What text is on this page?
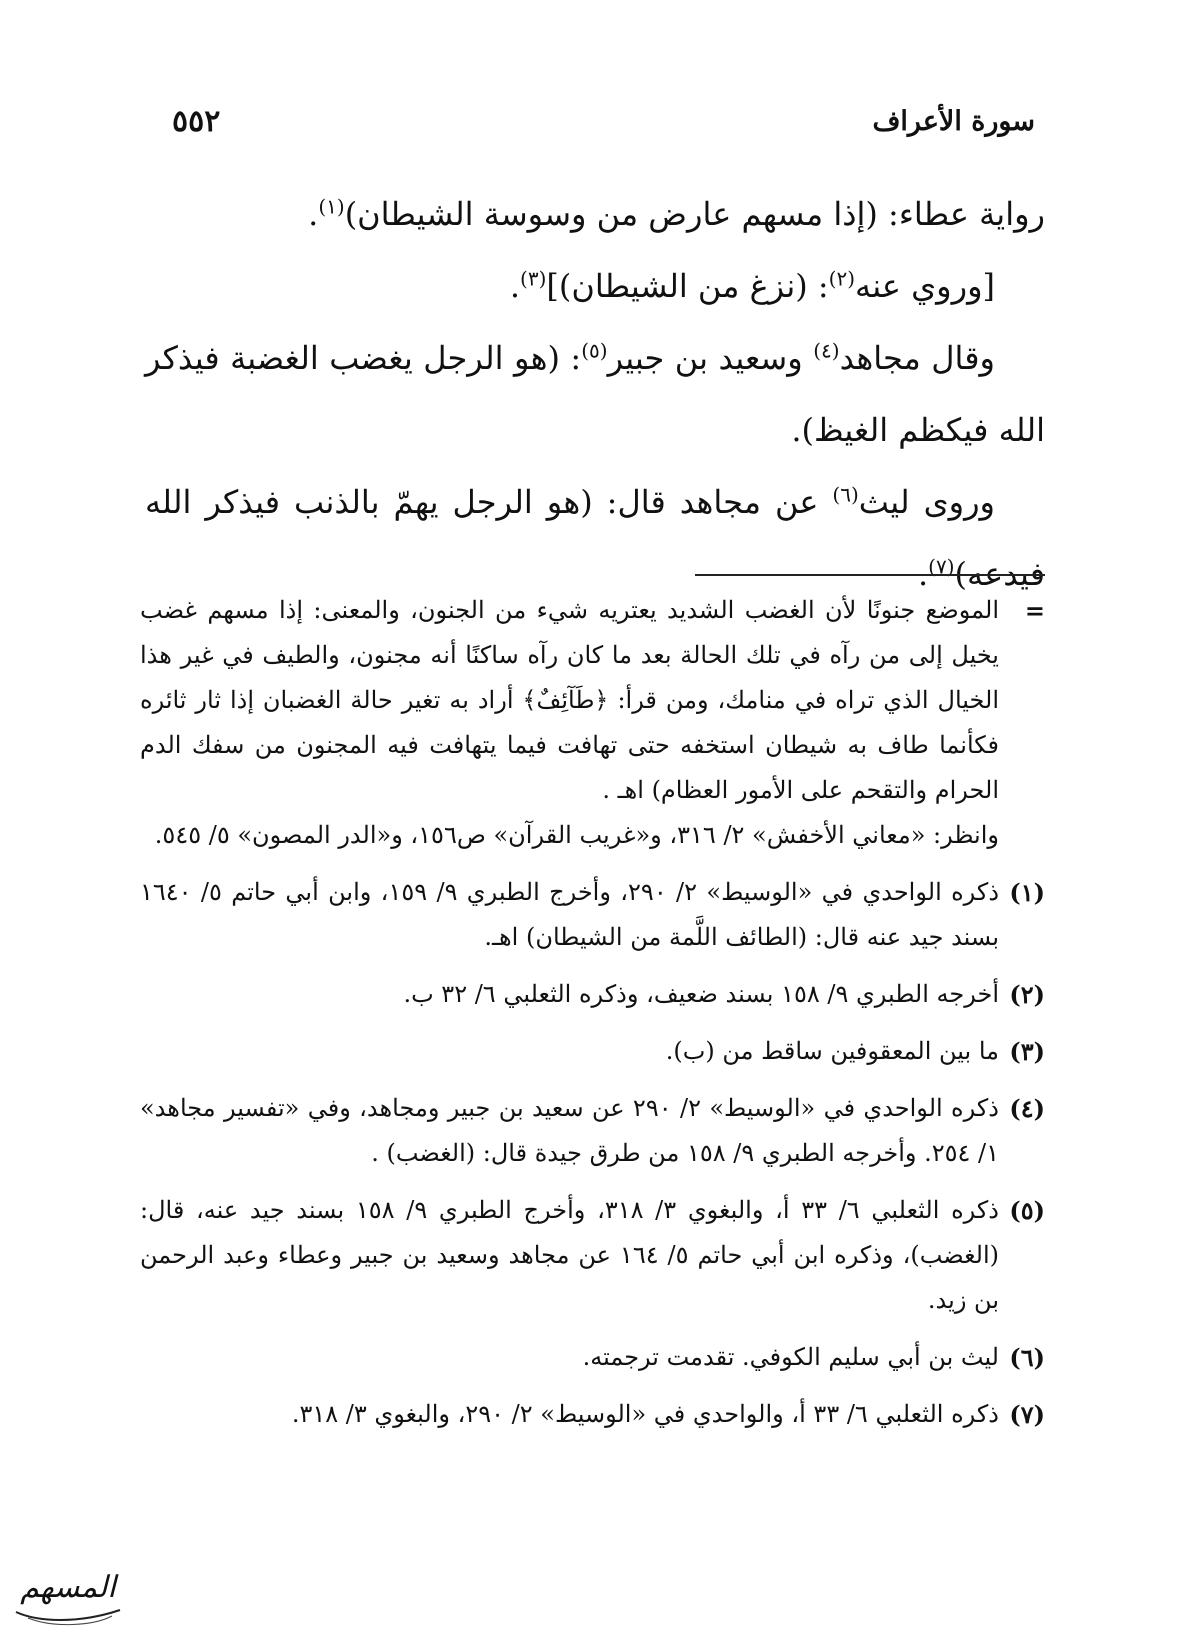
سورة الأعراف
٥٥٢

رواية عطاء: (إذا مسهم عارض من وسوسة الشيطان)$^{(١)}$.

[وروي عنه$^{(٢)}$: (نزغ من الشيطان)]$^{(٣)}$.

وقال مجاهد$^{(٤)}$ وسعيد بن جبير$^{(٥)}$: (هو الرجل يغضب الغضبة فيذكر الله فيكظم الغيظ).

وروى ليث$^{(٦)}$ عن مجاهد قال: (هو الرجل يهمّ بالذنب فيذكر الله فيدعه)$^{(٧)}$.

=

الموضع جنونًا لأن الغضب الشديد يعتريه شيء من الجنون، والمعنى: إذا مسهم غضب يخيل إلى من رآه في تلك الحالة بعد ما كان رآه ساكنًا أنه مجنون، والطيف في غير هذا الخيال الذي تراه في منامك، ومن قرأ: ﴿طَآئِفٌ﴾ أراد به تغير حالة الغضبان إذا ثار ثائره فكأنما طاف به شيطان استخفه حتى تهافت فيما يتهافت فيه المجنون من سفك الدم الحرام والتقحم على الأمور العظام) اهـ .

وانظر: «معاني الأخفش» ٢/ ٣١٦، و«غريب القرآن» ص١٥٦، و«الدر المصون» ٥/ ٥٤٥.

(١)
ذكره الواحدي في «الوسيط» ٢/ ٢٩٠، وأخرج الطبري ٩/ ١٥٩، وابن أبي حاتم ٥/ ١٦٤٠ بسند جيد عنه قال: (الطائف اللَّمة من الشيطان) اهـ.
(٢)
أخرجه الطبري ٩/ ١٥٨ بسند ضعيف، وذكره الثعلبي ٦/ ٣٢ ب.
(٣)
ما بين المعقوفين ساقط من (ب).
(٤)
ذكره الواحدي في «الوسيط» ٢/ ٢٩٠ عن سعيد بن جبير ومجاهد، وفي «تفسير مجاهد» ١/ ٢٥٤. وأخرجه الطبري ٩/ ١٥٨ من طرق جيدة قال: (الغضب) .
(٥)
ذكره الثعلبي ٦/ ٣٣ أ، والبغوي ٣/ ٣١٨، وأخرج الطبري ٩/ ١٥٨ بسند جيد عنه، قال: (الغضب)، وذكره ابن أبي حاتم ٥/ ١٦٤ عن مجاهد وسعيد بن جبير وعطاء وعبد الرحمن بن زيد.
(٦)
ليث بن أبي سليم الكوفي. تقدمت ترجمته.
(٧)
ذكره الثعلبي ٦/ ٣٣ أ، والواحدي في «الوسيط» ٢/ ٢٩٠، والبغوي ٣/ ٣١٨.
المسهم
